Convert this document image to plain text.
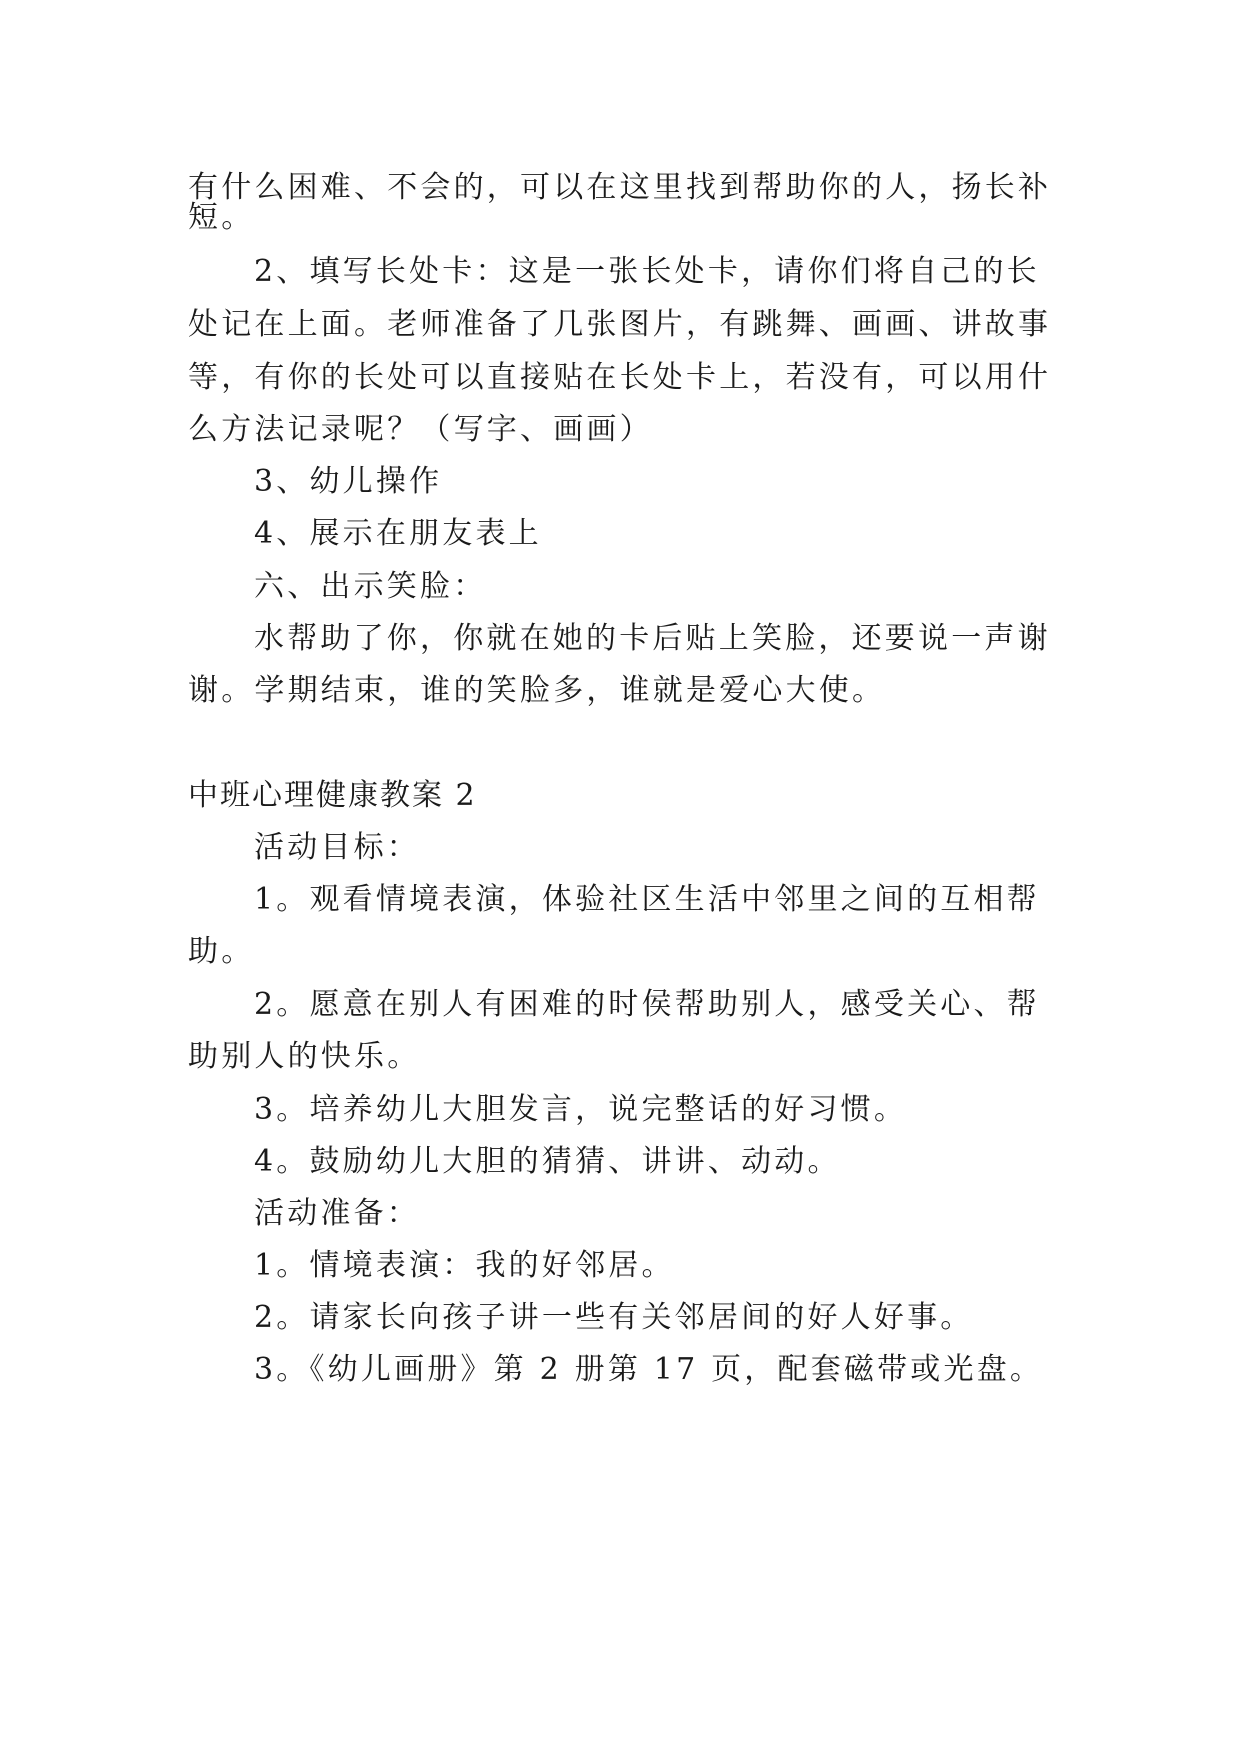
有什么困难、不会的，可以在这里找到帮助你的人，扬长补
短。
2、填写长处卡：这是一张长处卡，请你们将自己的长
处记在上面。老师准备了几张图片，有跳舞、画画、讲故事
等，有你的长处可以直接贴在长处卡上，若没有，可以用什
么方法记录呢？（写字、画画）
3、幼儿操作
4、展示在朋友表上
六、出示笑脸：
水帮助了你，你就在她的卡后贴上笑脸，还要说一声谢
谢。学期结束，谁的笑脸多，谁就是爱心大使。
中班心理健康教案 2
活动目标：
1。观看情境表演，体验社区生活中邻里之间的互相帮
助。
2。愿意在别人有困难的时侯帮助别人，感受关心、帮
助别人的快乐。
3。培养幼儿大胆发言，说完整话的好习惯。
4。鼓励幼儿大胆的猜猜、讲讲、动动。
活动准备：
1。情境表演：我的好邻居。
2。请家长向孩子讲一些有关邻居间的好人好事。
3。《幼儿画册》第 2 册第 17 页，配套磁带或光盘。
